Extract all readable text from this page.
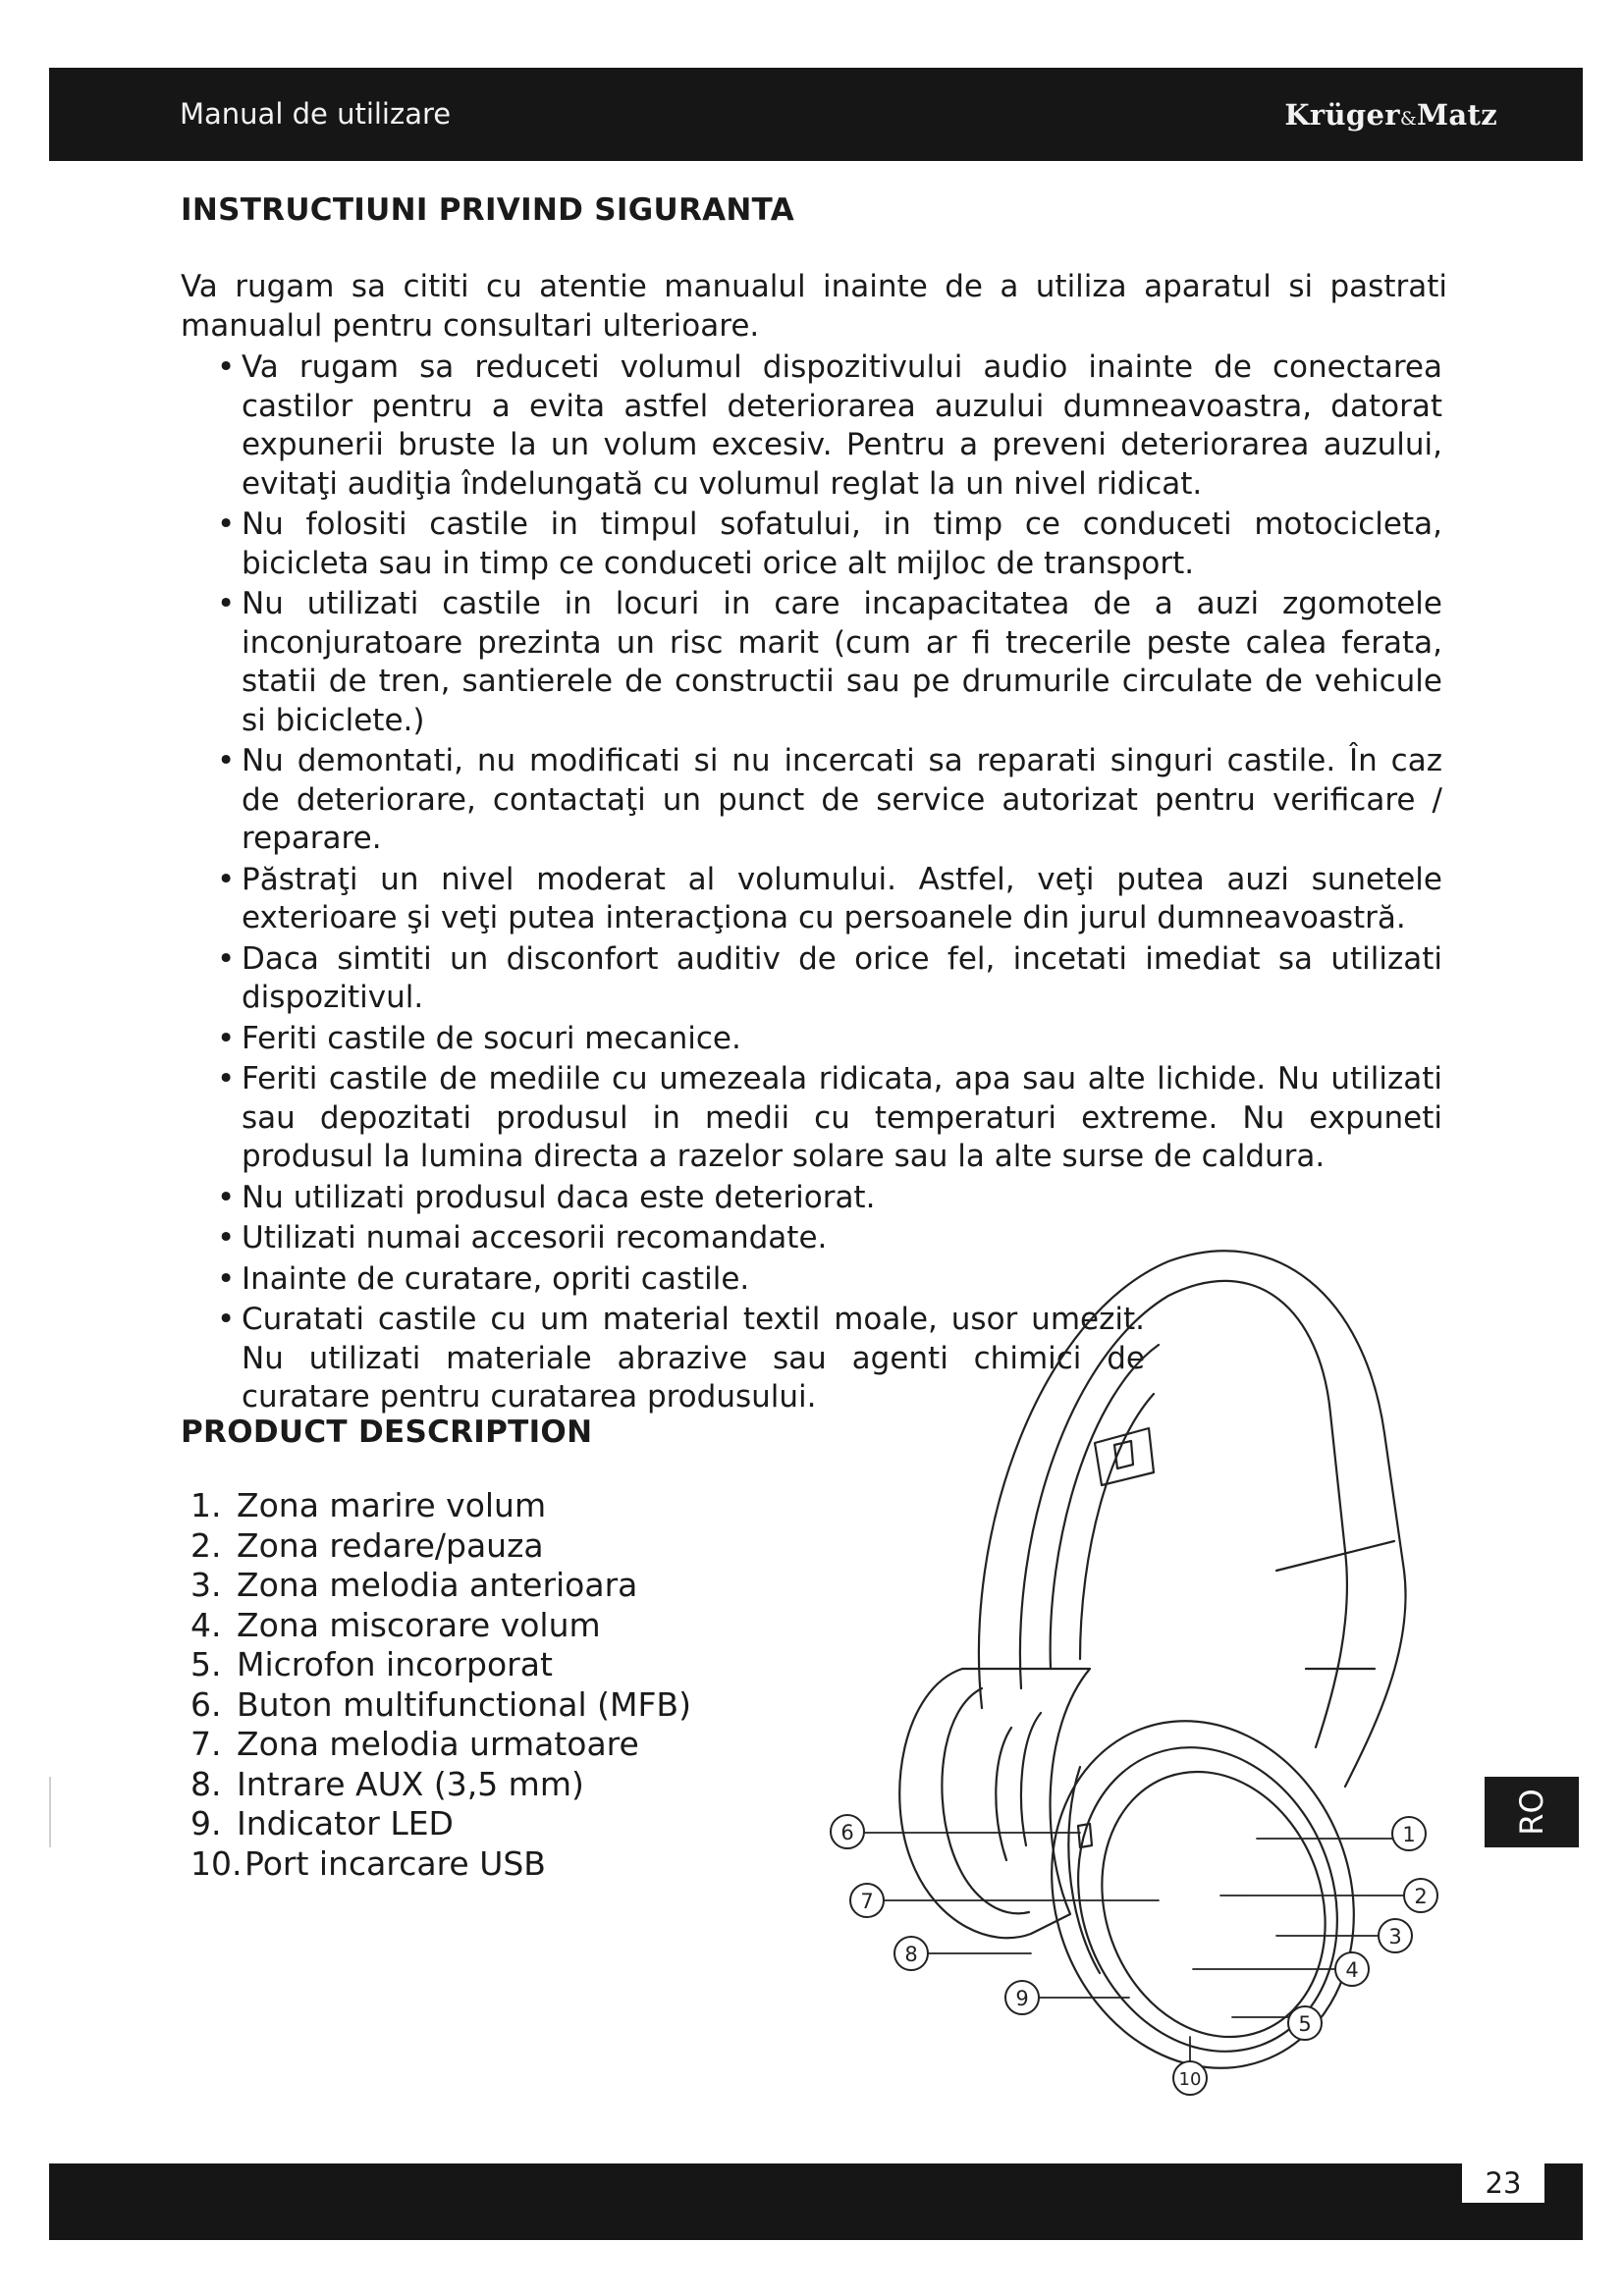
Manual de utilizare	Krüger&Matz
INSTRUCTIUNI PRIVIND SIGURANTA

Va rugam sa cititi cu atentie manualul inainte de a utiliza aparatul si pastrati manualul pentru consultari ulterioare.

• Va rugam sa reduceti volumul dispozitivului audio inainte de conectarea castilor pentru a evita astfel deteriorarea auzului dumneavoastra, datorat expunerii bruste la un volum excesiv. Pentru a preveni deteriorarea auzului, evitaţi audiţia îndelungată cu volumul reglat la un nivel ridicat.
• Nu folositi castile in timpul sofatului, in timp ce conduceti motocicleta, bicicleta sau in timp ce conduceti orice alt mijloc de transport.
• Nu utilizati castile in locuri in care incapacitatea de a auzi zgomotele inconjuratoare prezinta un risc marit (cum ar fi trecerile peste calea ferata, statii de tren, santierele de constructii sau pe drumurile circulate de vehicule si biciclete.)
• Nu demontati, nu modificati si nu incercati sa reparati singuri castile. În caz de deteriorare, contactaţi un punct de service autorizat pentru verificare / reparare.
• Păstraţi un nivel moderat al volumului. Astfel, veţi putea auzi sunetele exterioare şi veţi putea interacţiona cu persoanele din jurul dumneavoastră.
• Daca simtiti un disconfort auditiv de orice fel, incetati imediat sa utilizati dispozitivul.
• Feriti castile de socuri mecanice.
• Feriti castile de mediile cu umezeala ridicata, apa sau alte lichide. Nu utilizati sau depozitati produsul in medii cu temperaturi extreme. Nu expuneti produsul la lumina directa a razelor solare sau la alte surse de caldura.
• Nu utilizati produsul daca este deteriorat.
• Utilizati numai accesorii recomandate.
• Inainte de curatare, opriti castile.
• Curatati castile cu um material textil moale, usor umezit. Nu utilizati materiale abrazive sau agenti chimici de curatare pentru curatarea produsului.
PRODUCT DESCRIPTION
1. Zona marire volum
2. Zona redare/pauza
3. Zona melodia anterioara
4. Zona miscorare volum
5. Microfon incorporat
6. Buton multifunctional (MFB)
7. Zona melodia urmatoare
8. Intrare AUX (3,5 mm)
9. Indicator LED
10.Port incarcare USB
1
2
3
4
5
6
7
8
9
10
RO
23
